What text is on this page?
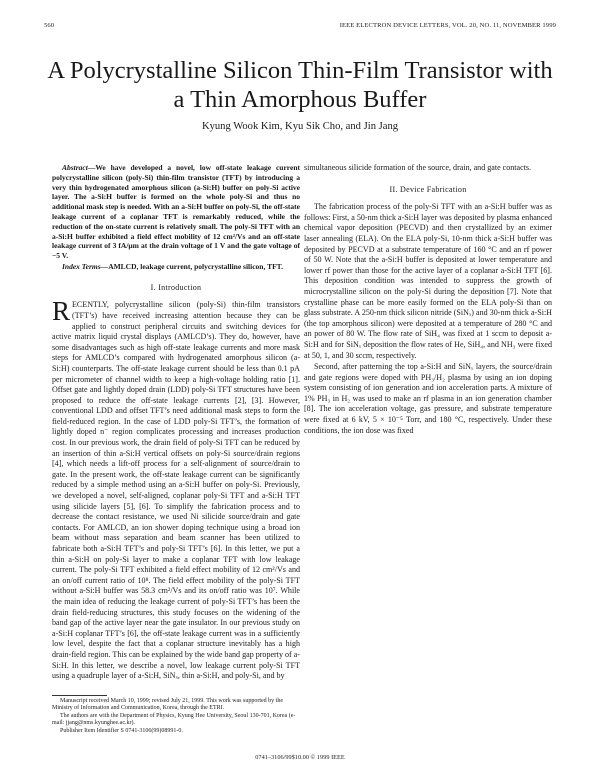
560	IEEE ELECTRON DEVICE LETTERS, VOL. 20, NO. 11, NOVEMBER 1999
A Polycrystalline Silicon Thin-Film Transistor with a Thin Amorphous Buffer
Kyung Wook Kim, Kyu Sik Cho, and Jin Jang

Abstract—We have developed a novel, low off-state leakage current polycrystalline silicon (poly-Si) thin-film transistor (TFT) by introducing a very thin hydrogenated amorphous silicon (a-Si:H) buffer on poly-Si active layer. The a-Si:H buffer is formed on the whole poly-Si and thus no additional mask step is needed. With an a-Si:H buffer on poly-Si, the off-state leakage current of a coplanar TFT is remarkably reduced, while the reduction of the on-state current is relatively small. The poly-Si TFT with an a-Si:H buffer exhibited a field effect mobility of 12 cm²/Vs and an off-state leakage current of 3 fA/μm at the drain voltage of 1 V and the gate voltage of −5 V.

Index Terms—AMLCD, leakage current, polycrystalline silicon, TFT.

I. Introduction

RECENTLY, polycrystalline silicon (poly-Si) thin-film transistors (TFT’s) have received increasing attention because they can be applied to construct peripheral circuits and switching devices for active matrix liquid crystal displays (AMLCD’s). They do, however, have some disadvantages such as high off-state leakage currents and more mask steps for AMLCD’s compared with hydrogenated amorphous silicon (a-Si:H) counterparts. The off-state leakage current should be less than 0.1 pA per micrometer of channel width to keep a high-voltage holding ratio [1]. Offset gate and lightly doped drain (LDD) poly-Si TFT structures have been proposed to reduce the off-state leakage currents [2], [3]. However, conventional LDD and offset TFT’s need additional mask steps to form the field-reduced region. In the case of LDD poly-Si TFT’s, the formation of lightly doped n⁻ region complicates processing and increases production cost. In our previous work, the drain field of poly-Si TFT can be reduced by an insertion of thin a-Si:H vertical offsets on poly-Si source/drain regions [4], which needs a lift-off process for a self-alignment of source/drain to gate. In the present work, the off-state leakage current can be significantly reduced by a simple method using an a-Si:H buffer on poly-Si. Previously, we developed a novel, self-aligned, coplanar poly-Si TFT and a-Si:H TFT using silicide layers [5], [6]. To simplify the fabrication process and to decrease the contact resistance, we used Ni silicide source/drain and gate contacts. For AMLCD, an ion shower doping technique using a broad ion beam without mass separation and beam scanner has been utilized to fabricate both a-Si:H TFT’s and poly-Si TFT’s [6]. In this letter, we put a thin a-Si:H on poly-Si layer to make a coplanar TFT with low leakage current. The poly-Si TFT exhibited a field effect mobility of 12 cm²/Vs and an on/off current ratio of 10⁸. The field effect mobility of the poly-Si TFT without a-Si:H buffer was 58.3 cm²/Vs and its on/off ratio was 10⁷. While the main idea of reducing the leakage current of poly-Si TFT’s has been the drain field-reducing structures, this study focuses on the widening of the band gap of the active layer near the gate insulator. In our previous study on a-Si:H coplanar TFT’s [6], the off-state leakage current was in a sufficiently low level, despite the fact that a coplanar structure inevitably has a high drain-field region. This can be explained by the wide band gap property of a-Si:H. In this letter, we describe a novel, low leakage current poly-Si TFT using a quadruple layer of a-Si:H, SiNₓ, thin a-Si:H, and poly-Si, and by

simultaneous silicide formation of the source, drain, and gate contacts.

II. Device Fabrication

The fabrication process of the poly-Si TFT with an a-Si:H buffer was as follows: First, a 50-nm thick a-Si:H layer was deposited by plasma enhanced chemical vapor deposition (PECVD) and then crystallized by an eximer laser annealing (ELA). On the ELA poly-Si, 10-nm thick a-Si:H buffer was deposited by PECVD at a substrate temperature of 160 °C and an rf power of 50 W. Note that the a-Si:H buffer is deposited at lower temperature and lower rf power than those for the active layer of a coplanar a-Si:H TFT [6]. This deposition condition was intended to suppress the growth of microcrystalline silicon on the poly-Si during the deposition [7]. Note that crystalline phase can be more easily formed on the ELA poly-Si than on glass substrate. A 250-nm thick silicon nitride (SiNₓ) and 30-nm thick a-Si:H (the top amorphous silicon) were deposited at a temperature of 280 °C and an power of 80 W. The flow rate of SiH₄ was fixed at 1 sccm to deposit a-Si:H and for SiNₓ deposition the flow rates of He, SiH₄, and NH₃ were fixed at 50, 1, and 30 sccm, respectively.

Second, after patterning the top a-Si:H and SiNₓ layers, the source/drain and gate regions were doped with PH₃/H₂ plasma by using an ion doping system consisting of ion generation and ion acceleration parts. A mixture of 1% PH₃ in H₂ was used to make an rf plasma in an ion generation chamber [8]. The ion acceleration voltage, gas pressure, and substrate temperature were fixed at 6 kV, 5 × 10⁻⁵ Torr, and 180 °C, respectively. Under these conditions, the ion dose was fixed

Manuscript received March 10, 1999; revised July 21, 1999. This work was supported by the Ministry of Information and Communication, Korea, through the ETRI.

The authors are with the Department of Physics, Kyung Hee University, Seoul 130-701, Korea (e-mail: jjang@nms.kyunghee.ac.kr).

Publisher Item Identifier S 0741-3106(99)08991-0.

0741–3106/99$10.00 © 1999 IEEE
